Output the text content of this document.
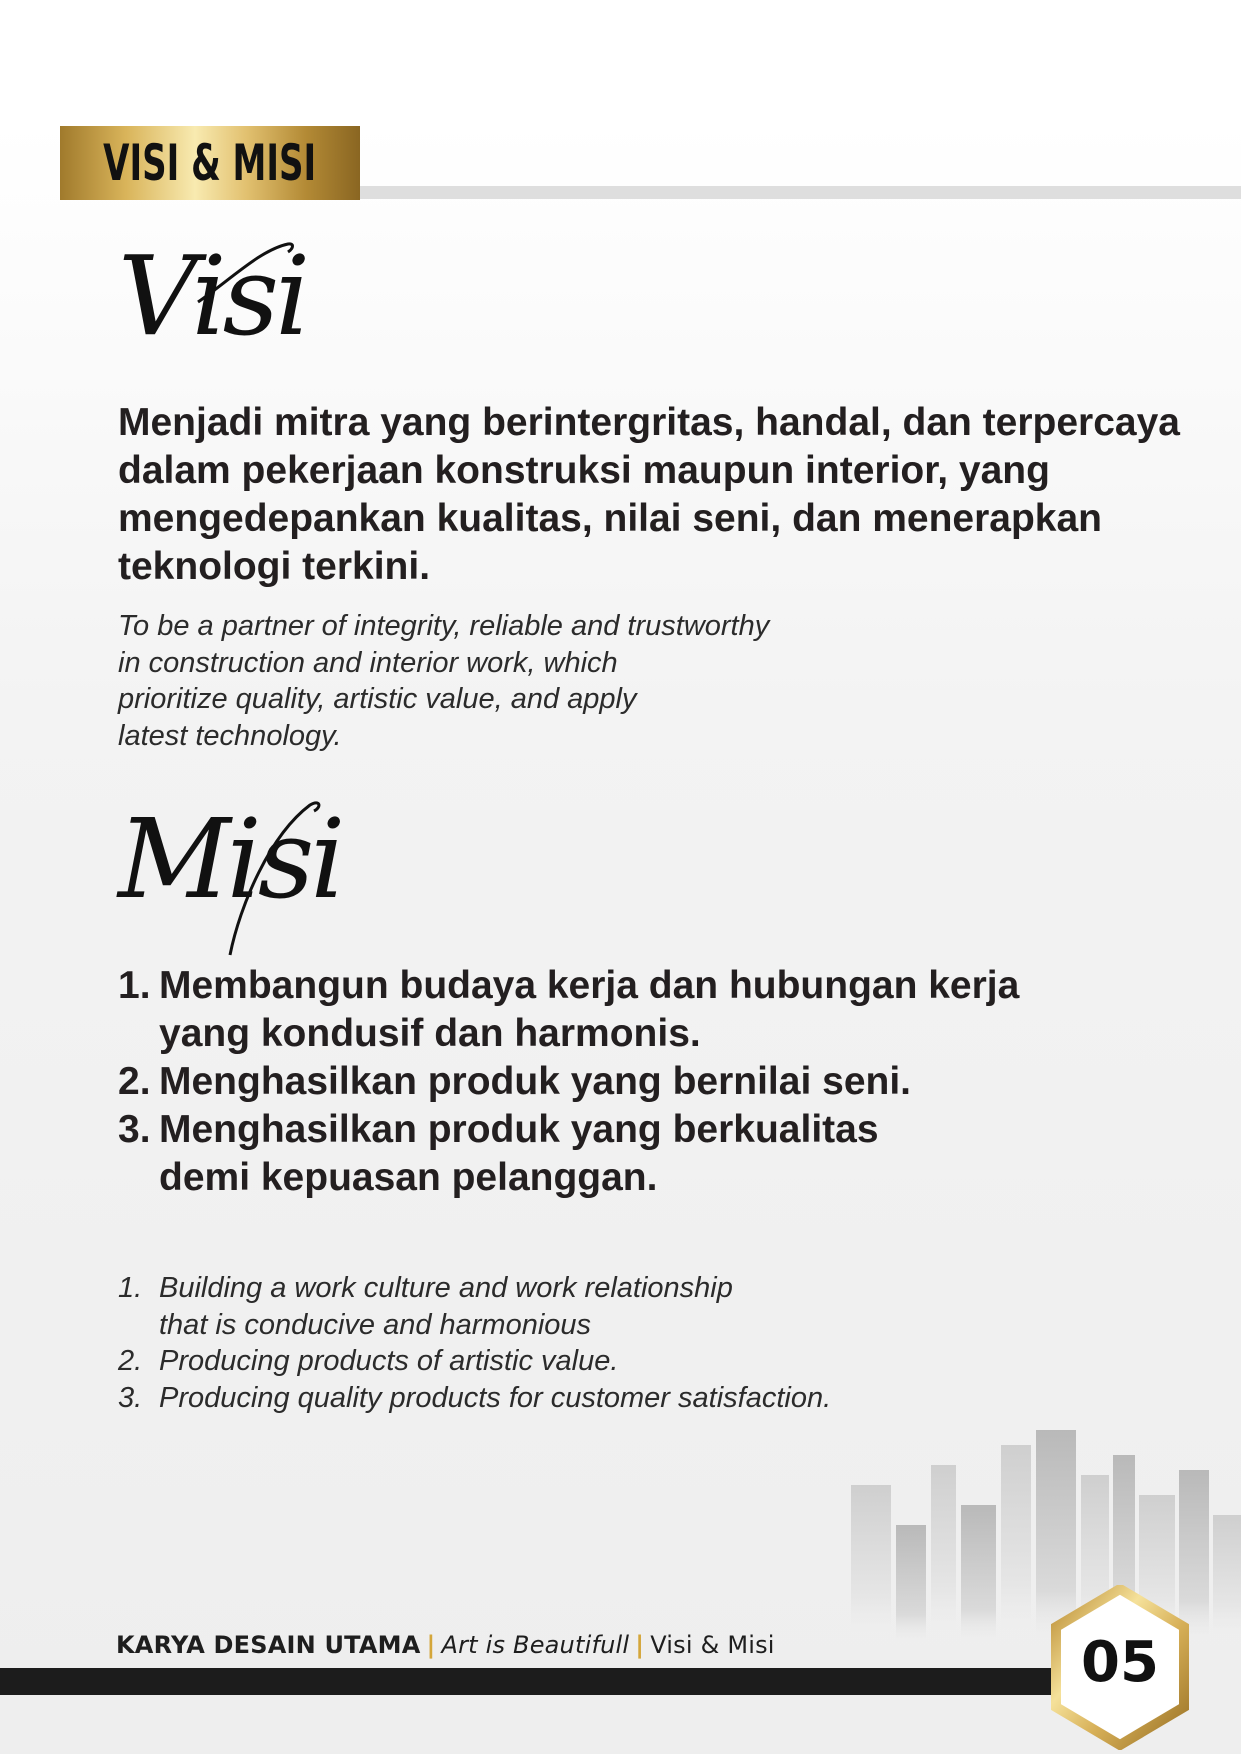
VISI & MISI
Visi
Menjadi mitra yang berintergritas, handal, dan terpercaya
dalam pekerjaan konstruksi maupun interior, yang
mengedepankan kualitas, nilai seni, dan menerapkan
teknologi terkini.
To be a partner of integrity, reliable and trustworthy
in construction and interior work, which
prioritize quality, artistic value, and apply
latest technology.
Misi
1. Membangun budaya kerja dan hubungan kerja
yang kondusif dan harmonis.
2. Menghasilkan produk yang bernilai seni.
3. Menghasilkan produk yang berkualitas
demi kepuasan pelanggan.
1. Building a work culture and work relationship
that is conducive and harmonious
2. Producing products of artistic value.
3. Producing quality products for customer satisfaction.
KARYA DESAIN UTAMA | Art is Beautifull | Visi & Misi	05
